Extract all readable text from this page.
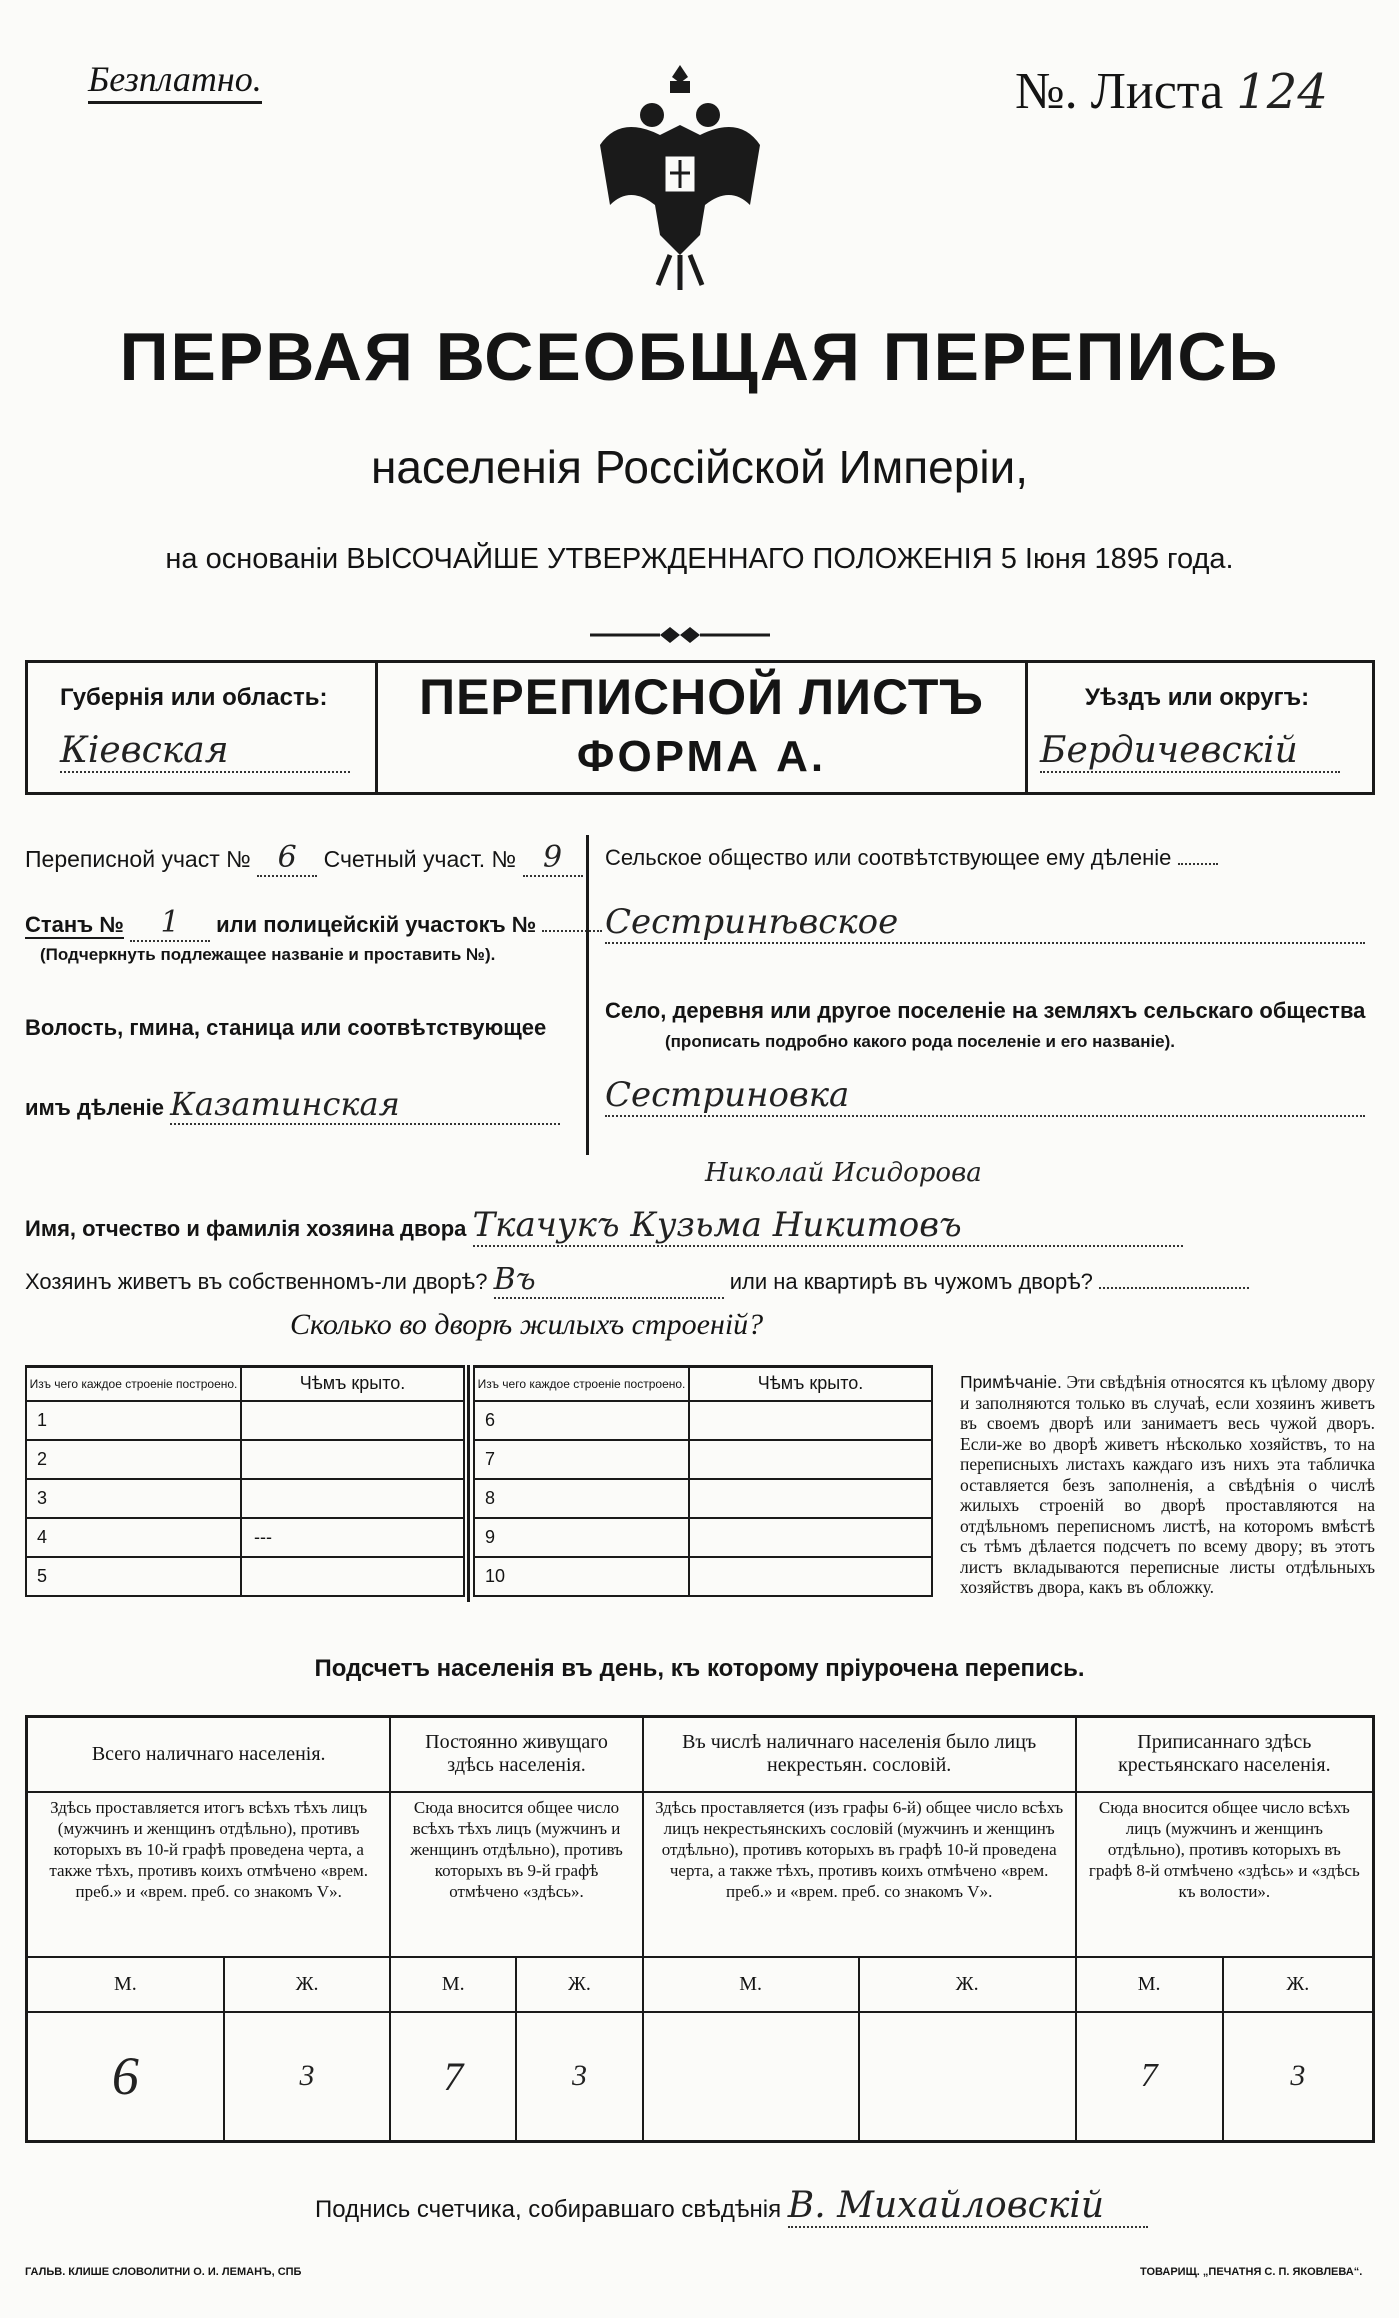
Безплатно.	№. Листа 124
ПЕРВАЯ ВСЕОБЩАЯ ПЕРЕПИСЬ
населенія Россійской Имперіи,
на основаніи ВЫСОЧАЙШЕ УТВЕРЖДЕННАГО ПОЛОЖЕНІЯ 5 Іюня 1895 года.
Губернія или область:
Кіевская
ПЕРЕПИСНОЙ ЛИСТЪ
ФОРМА А.
Уѣздъ или округъ:
Бердичевскій
Переписной участ № 6 Счетный участ. № 9
Станъ № 1 или полицейскій участокъ №
(Подчеркнуть подлежащее названіе и проставить №).
Волость, гмина, станица или соотвѣтствующее
имъ дѣленіе Казатинская
Сельское общество или соотвѣтствующее ему дѣленіе
Сестринѣвское
Село, деревня или другое поселеніе на земляхъ сельскаго общества
(прописать подробно какого рода поселеніе и его названіе).
Сестриновка
Николай Исидорова
Имя, отчество и фамилія хозяина двора Ткачукъ Кузьма Никитовъ
Хозяинъ живетъ въ собственномъ-ли дворѣ? Въ	или на квартирѣ въ чужомъ дворѣ?
Сколько во дворѣ жилыхъ строеній?
Изъ чего каждое строеніе построено.	Чѣмъ крыто.
1	
2	
3	
4	---
5	
Изъ чего каждое строеніе построено.	Чѣмъ крыто.
6	
7	
8	
9	
10	
Примѣчаніе. Эти свѣдѣнія относятся къ цѣлому двору и заполняются только въ случаѣ, если хозяинъ живетъ въ своемъ дворѣ или занимаетъ весь чужой дворъ. Если-же во дворѣ живетъ нѣсколько хозяйствъ, то на переписныхъ листахъ каждаго изъ нихъ эта табличка оставляется безъ заполненія, а свѣдѣнія о числѣ жилыхъ строеній во дворѣ проставляются на отдѣльномъ переписномъ листѣ, на которомъ вмѣстѣ съ тѣмъ дѣлается подсчетъ по всему двору; въ этотъ листъ вкладываются переписные листы отдѣльныхъ хозяйствъ двора, какъ въ обложку.
Подсчетъ населенія въ день, къ которому пріурочена перепись.
Всего наличнаго населенія.		Постоянно живущаго здѣсь населенія.		Въ числѣ наличнаго населенія было лицъ некрестьян. сословій.		Приписаннаго здѣсь крестьянскаго населенія.	
Здѣсь проставляется итогъ всѣхъ тѣхъ лицъ (мужчинъ и женщинъ отдѣльно), противъ которыхъ въ 10-й графѣ проведена черта, а также тѣхъ, противъ коихъ отмѣчено «врем. преб.» и «врем. преб. со знакомъ V».		Сюда вносится общее число всѣхъ тѣхъ лицъ (мужчинъ и женщинъ отдѣльно), противъ которыхъ въ 9-й графѣ отмѣчено «здѣсь».		Здѣсь проставляется (изъ графы 6-й) общее число всѣхъ лицъ некрестьянскихъ сословій (мужчинъ и женщинъ отдѣльно), противъ которыхъ въ графѣ 10-й проведена черта, а также тѣхъ, противъ коихъ отмѣчено «врем. преб.» и «врем. преб. со знакомъ V».		Сюда вносится общее число всѣхъ лицъ (мужчинъ и женщинъ отдѣльно), противъ которыхъ въ графѣ 8-й отмѣчено «здѣсь» и «здѣсь къ волости».	
М.	Ж.	М.	Ж.	М.	Ж.	М.	Ж.
6	3	7	3			7	3
Поднись счетчика, собиравшаго свѣдѣнія В. Михайловскій
ГАЛЬВ. КЛИШЕ СЛОВОЛИТНИ О. И. ЛЕМАНЪ, СПБ	ТОВАРИЩ. „ПЕЧАТНЯ С. П. ЯКОВЛЕВА“.
